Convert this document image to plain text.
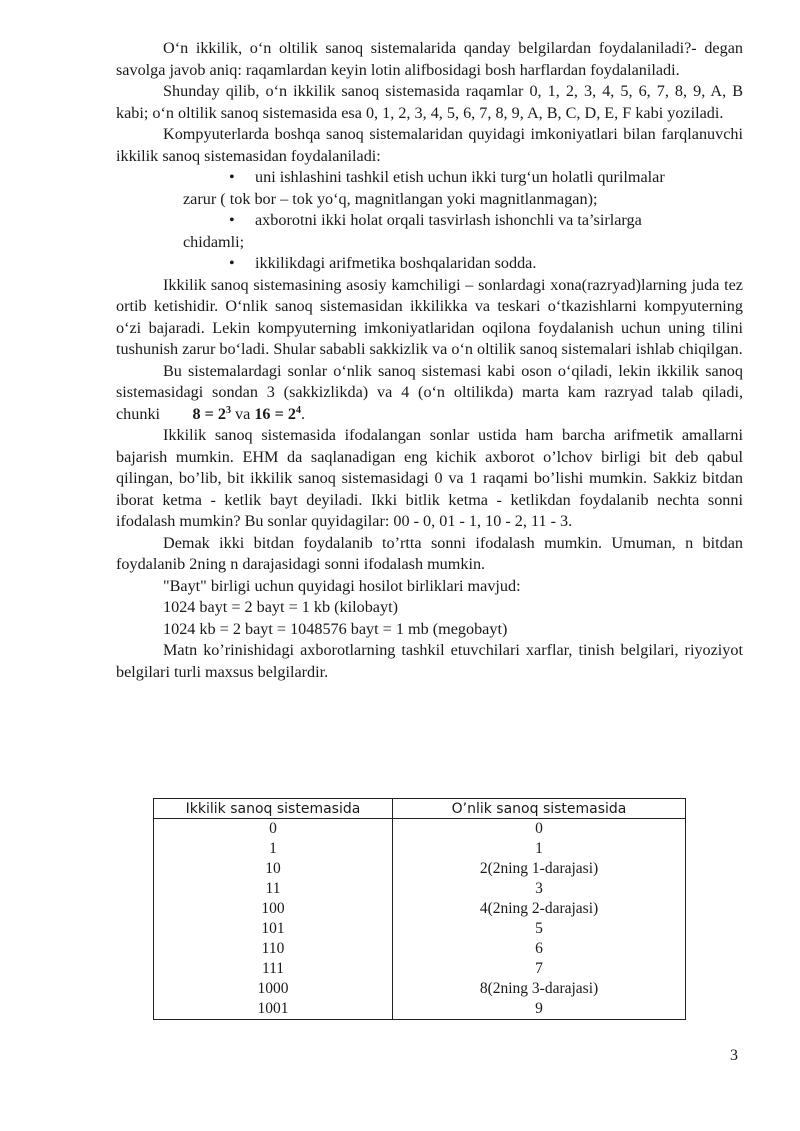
O‘n ikkilik, o‘n oltilik sanoq sistemalarida qanday belgilardan foydalaniladi?- degan savolga javob aniq: raqamlardan keyin lotin alifbosidagi bosh harflardan foydalaniladi.

Shunday qilib, o‘n ikkilik sanoq sistemasida raqamlar 0, 1, 2, 3, 4, 5, 6, 7, 8, 9, A, B kabi; o‘n oltilik sanoq sistemasida esa 0, 1, 2, 3, 4, 5, 6, 7, 8, 9, A, B, C, D, E, F kabi yoziladi.

Kompyuterlarda boshqa sanoq sistemalaridan quyidagi imkoniyatlari bilan farqlanuvchi ikkilik sanoq sistemasidan foydalaniladi:

• uni ishlashini tashkil etish uchun ikki turg‘un holatli qurilmalar
zarur ( tok bor – tok yo‘q, magnitlangan yoki magnitlanmagan);
• axborotni ikki holat orqali tasvirlash ishonchli va ta’sirlarga
chidamli;
• ikkilikdagi arifmetika boshqalaridan sodda.

Ikkilik sanoq sistemasining asosiy kamchiligi – sonlardagi xona(razryad)larning juda tez ortib ketishidir. O‘nlik sanoq sistemasidan ikkilikka va teskari o‘tkazishlarni kompyuterning o‘zi bajaradi. Lekin kompyuterning imkoniyatlaridan oqilona foydalanish uchun uning tilini tushunish zarur bo‘ladi. Shular sababli sakkizlik va o‘n oltilik sanoq sistemalari ishlab chiqilgan.

Bu sistemalardagi sonlar o‘nlik sanoq sistemasi kabi oson o‘qiladi, lekin ikkilik sanoq sistemasidagi sondan 3 (sakkizlikda) va 4 (o‘n oltilikda) marta kam razryad talab qiladi, chunki $8 = 2^3$ va $16 = 2^4$.

Ikkilik sanoq sistemasida ifodalangan sonlar ustida ham barcha arifmetik amallarni bajarish mumkin. EHM da saqlanadigan eng kichik axborot o’lchov birligi bit deb qabul qilingan, bo’lib, bit ikkilik sanoq sistemasidagi 0 va 1 raqami bo’lishi mumkin. Sakkiz bitdan iborat ketma - ketlik bayt deyiladi. Ikki bitlik ketma - ketlikdan foydalanib nechta sonni ifodalash mumkin? Bu sonlar quyidagilar: 00 - 0, 01 - 1, 10 - 2, 11 - 3.

Demak ikki bitdan foydalanib to’rtta sonni ifodalash mumkin. Umuman, n bitdan foydalanib 2ning n darajasidagi sonni ifodalash mumkin.

"Bayt" birligi uchun quyidagi hosilot birliklari mavjud:

1024 bayt = 2 bayt = 1 kb (kilobayt)

1024 kb = 2 bayt = 1048576 bayt = 1 mb (megobayt)

Matn ko’rinishidagi axborotlarning tashkil etuvchilari xarflar, tinish belgilari, riyoziyot belgilari turli maxsus belgilardir.

Ikkilik sanoq sistemasida	O’nlik sanoq sistemasida
0	0
1	1
10	2(2ning 1-darajasi)
11	3
100	4(2ning 2-darajasi)
101	5
110	6
111	7
1000	8(2ning 3-darajasi)
1001	9
3
